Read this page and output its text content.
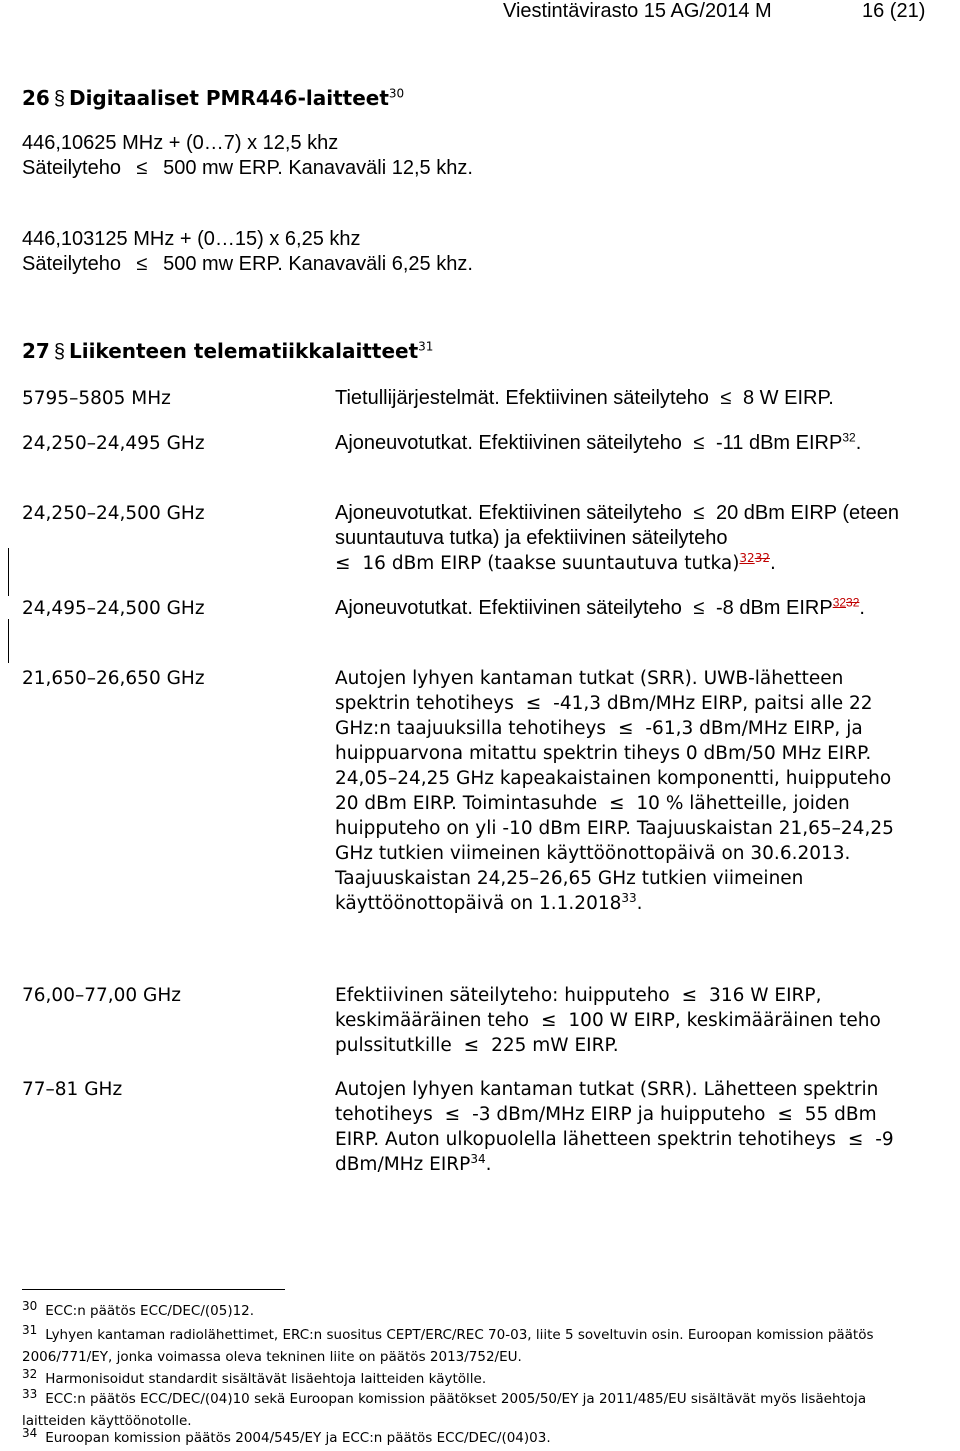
Viestintävirasto 15 AG/2014 M	16 (21)
26 § Digitaaliset PMR446-laitteet$^{30}$
446,10625 MHz + (0…7) x 12,5 khz
Säteilyteho ≤ 500 mw ERP. Kanavaväli 12,5 khz.
446,103125 MHz + (0…15) x 6,25 khz
Säteilyteho ≤ 500 mw ERP. Kanavaväli 6,25 khz.
27 § Liikenteen telematiikkalaitteet$^{31}$
5795–5805 MHz	Tietullijärjestelmät. Efektiivinen säteilyteho ≤ 8 W EIRP.
24,250–24,495 GHz	Ajoneuvotutkat. Efektiivinen säteilyteho ≤ -11 dBm EIRP$^{32}$.
24,250–24,500 GHz	Ajoneuvotutkat. Efektiivinen säteilyteho ≤ 20 dBm EIRP (eteen suuntautuva tutka) ja efektiivinen säteilyteho
≤ 16 dBm EIRP (taakse suuntautuva tutka)$^{3232}$.
24,495–24,500 GHz	Ajoneuvotutkat. Efektiivinen säteilyteho ≤ -8 dBm $EIRP^{3232}$.
21,650–26,650 GHz	Autojen lyhyen kantaman tutkat (SRR). UWB-lähetteen spektrin tehotiheys ≤ -41,3 dBm/MHz EIRP, paitsi alle 22 GHz:n taajuuksilla tehotiheys ≤ -61,3 dBm/MHz EIRP, ja huippuarvona mitattu spektrin tiheys 0 dBm/50 MHz EIRP.
24,05–24,25 GHz kapeakaistainen komponentti, huipputeho 20 dBm EIRP. Toimintasuhde ≤ 10 % lähetteille, joiden huipputeho on yli -10 dBm EIRP. Taajuuskaistan 21,65–24,25 GHz tutkien viimeinen käyttöönottopäivä on 30.6.2013. Taajuuskaistan 24,25–26,65 GHz tutkien viimeinen käyttöönottopäivä on 1.1.2018$^{33}$.
76,00–77,00 GHz	Efektiivinen säteilyteho: huipputeho ≤ 316 W EIRP, keskimääräinen teho ≤ 100 W EIRP, keskimääräinen teho pulssitutkille ≤ 225 mW EIRP.
77–81 GHz	Autojen lyhyen kantaman tutkat (SRR). Lähetteen spektrin tehotiheys ≤ -3 dBm/MHz EIRP ja huipputeho ≤ 55 dBm EIRP. Auton ulkopuolella lähetteen spektrin tehotiheys ≤ -9 dBm/MHz EIRP$^{34}$.
$^{30}$ ECC:n päätös ECC/DEC/(05)12.
$^{31}$ Lyhyen kantaman radiolähettimet, ERC:n suositus CEPT/ERC/REC 70-03, liite 5 soveltuvin osin. Euroopan komission päätös 2006/771/EY, jonka voimassa oleva tekninen liite on päätös 2013/752/EU.
$^{32}$ Harmonisoidut standardit sisältävät lisäehtoja laitteiden käytölle.
$^{33}$ ECC:n päätös ECC/DEC/(04)10 sekä Euroopan komission päätökset 2005/50/EY ja 2011/485/EU sisältävät myös lisäehtoja laitteiden käyttöönotolle.
$^{34}$ Euroopan komission päätös 2004/545/EY ja ECC:n päätös ECC/DEC/(04)03.
